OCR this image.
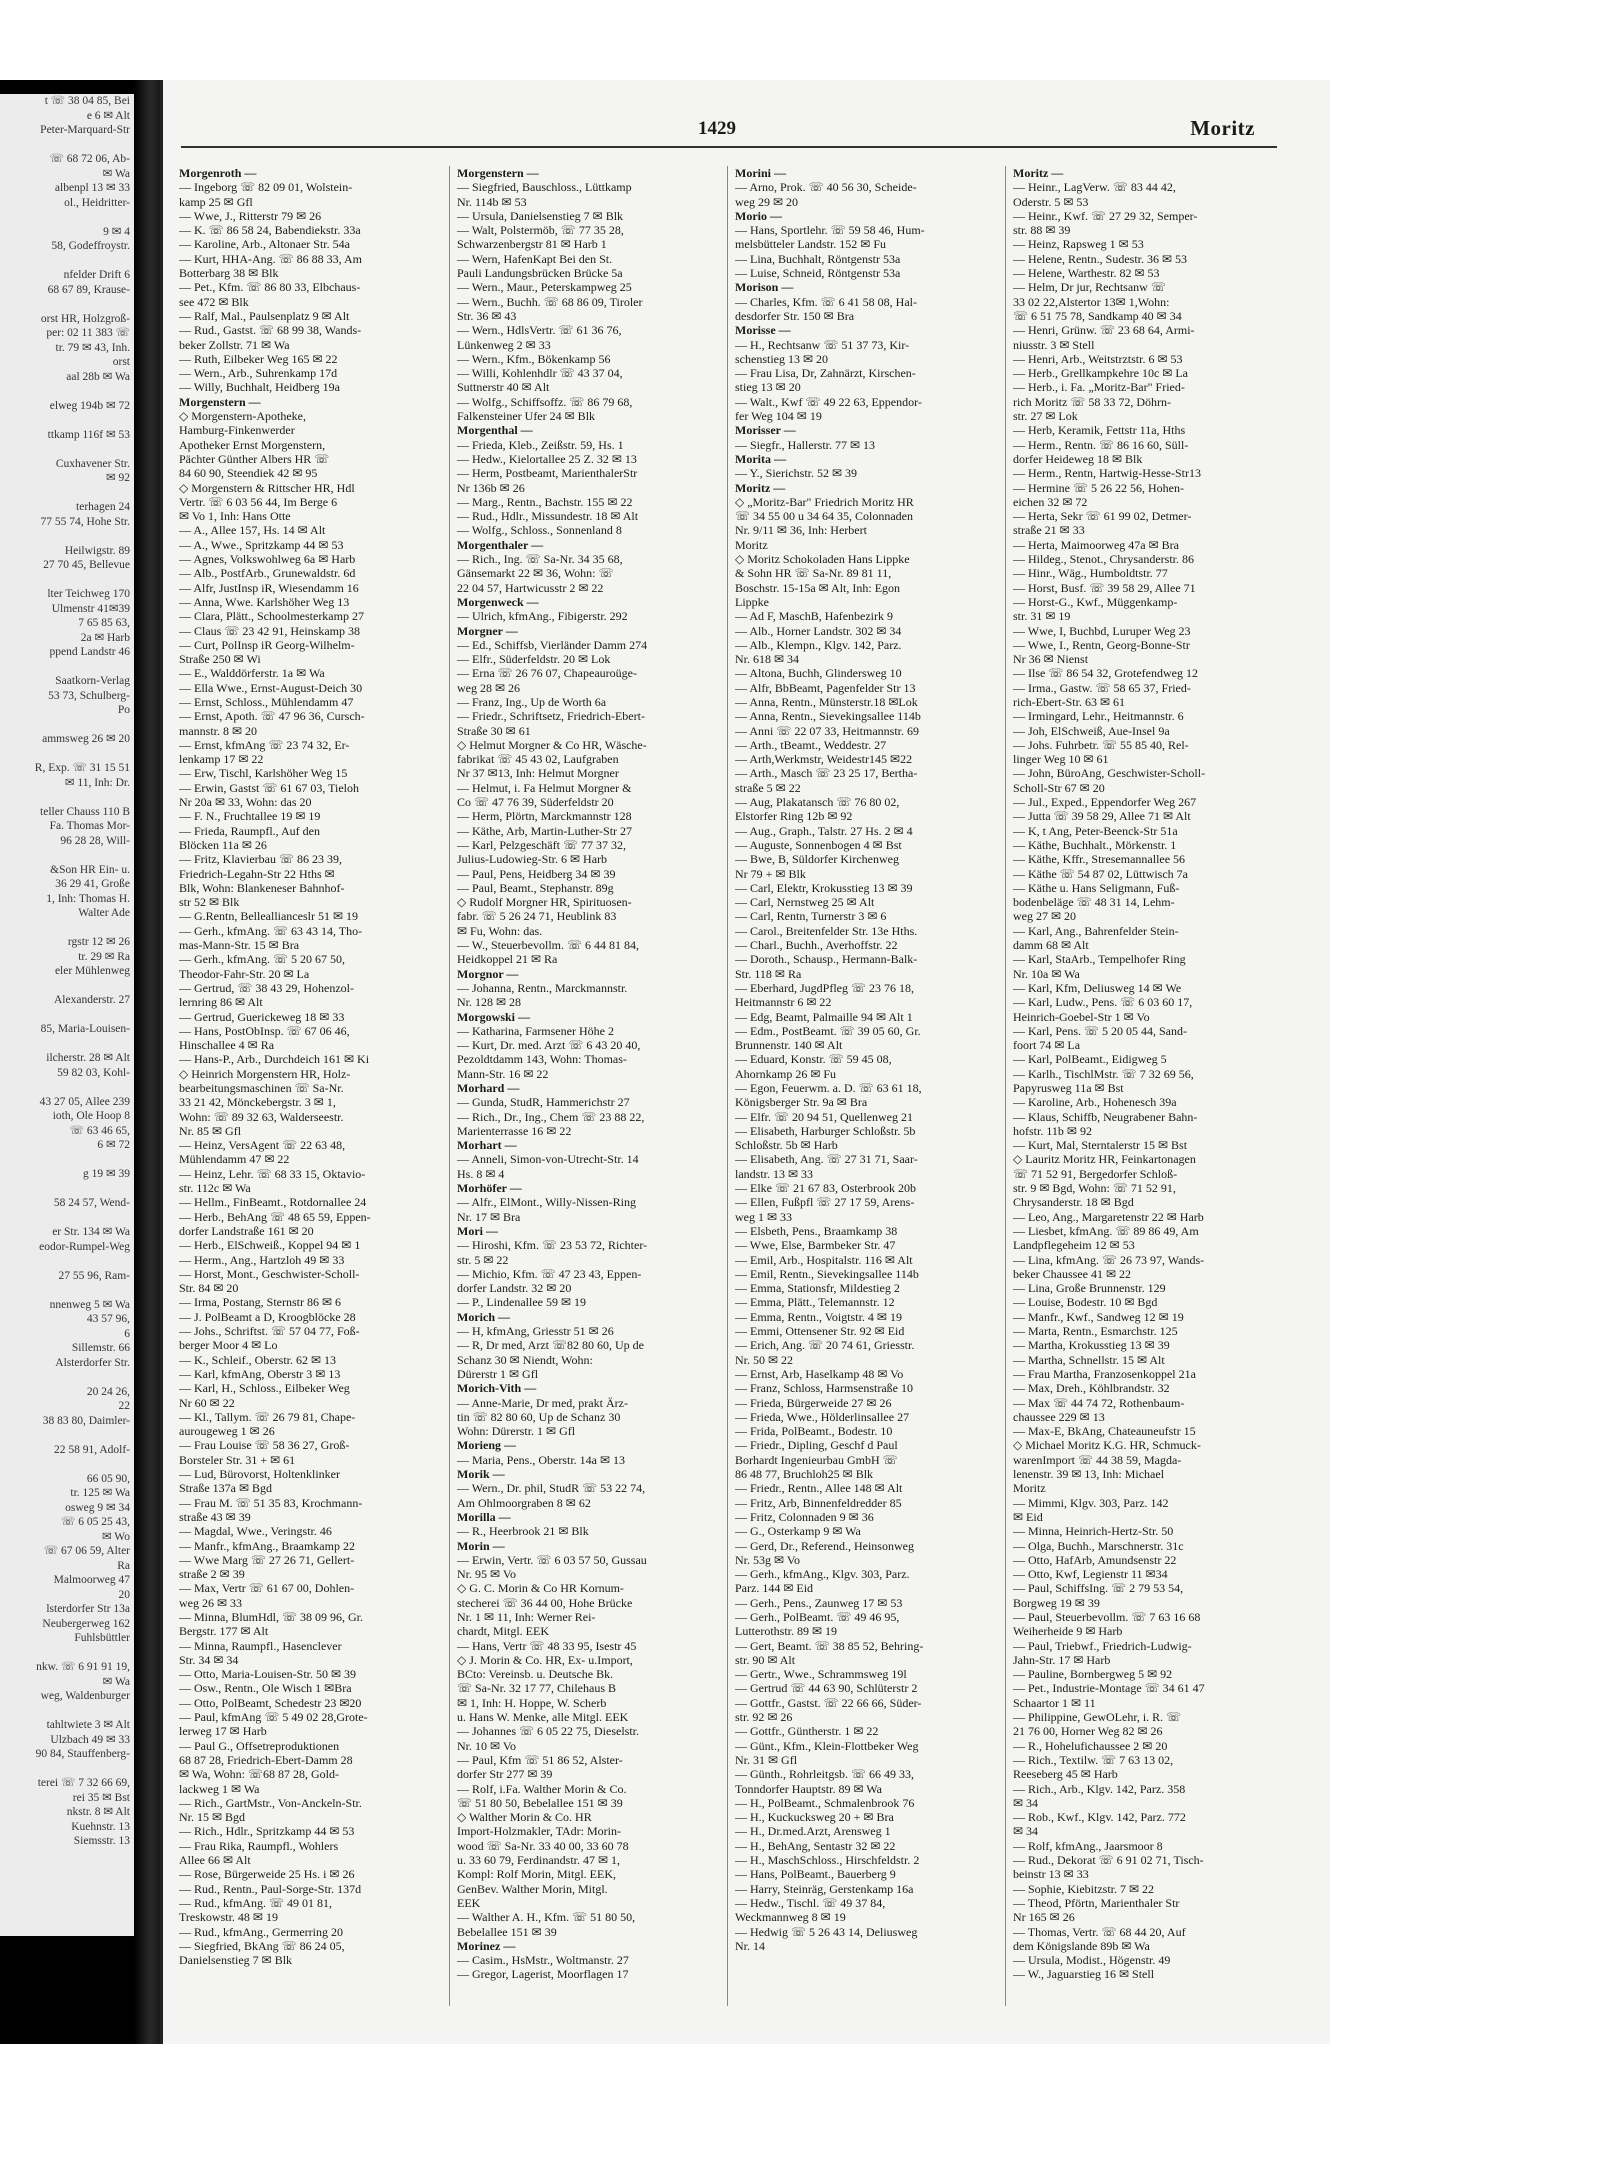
t ☏ 38 04 85, Bei
e 6 ✉ Alt
Peter-Marquard-Str
☏ 68 72 06, Ab-
✉ Wa
albenpl 13 ✉ 33
ol., Heidritter-
9 ✉ 4
58, Godeffroystr.
nfelder Drift 6
68 67 89, Krause-
orst HR, Holzgroß-
per: 02 11 383 ☏
tr. 79 ✉ 43, Inh.
orst
aal 28b ✉ Wa
elweg 194b ✉ 72
ttkamp 116f ✉ 53
Cuxhavener Str.
✉ 92
terhagen 24
77 55 74, Hohe Str.
Heilwigstr. 89
27 70 45, Bellevue
lter Teichweg 170
Ulmenstr 41✉39
7 65 85 63,
2a ✉ Harb
ppend Landstr 46
Saatkorn-Verlag
53 73, Schulberg-
Po
ammsweg 26 ✉ 20
R, Exp. ☏ 31 15 51
✉ 11, Inh: Dr.
teller Chauss 110 B
Fa. Thomas Mor-
96 28 28, Will-
&Son HR Ein- u.
36 29 41, Große
1, Inh: Thomas H.
Walter Ade
rgstr 12 ✉ 26
tr. 29 ✉ Ra
eler Mühlenweg
Alexanderstr. 27
85, Maria-Louisen-
ilcherstr. 28 ✉ Alt
59 82 03, Kohl-
43 27 05, Allee 239
ioth, Ole Hoop 8
☏ 63 46 65,
6 ✉ 72
g 19 ✉ 39
58 24 57, Wend-
er Str. 134 ✉ Wa
eodor-Rumpel-Weg
27 55 96, Ram-
nnenweg 5 ✉ Wa
43 57 96,
6
Sillemstr. 66
Alsterdorfer Str.
20 24 26,
22
38 83 80, Daimler-
22 58 91, Adolf-
66 05 90,
tr. 125 ✉ Wa
osweg 9 ✉ 34
☏ 6 05 25 43,
✉ Wo
☏ 67 06 59, Alter
Ra
Malmoorweg 47
20
lsterdorfer Str 13a
Neubergerweg 162
Fuhlsbüttler
nkw. ☏ 6 91 91 19,
✉ Wa
weg, Waldenburger
tahltwiete 3 ✉ Alt
Ulzbach 49 ✉ 33
90 84, Stauffenberg-
terei ☏ 7 32 66 69,
rei 35 ✉ Bst
nkstr. 8 ✉ Alt
Kuehnstr. 13
Siemsstr. 13
1429	Moritz
Morgenroth —
— Ingeborg ☏ 82 09 01, Wolstein-
kamp 25 ✉ Gfl
— Wwe, J., Ritterstr 79 ✉ 26
— K. ☏ 86 58 24, Babendiekstr. 33a
— Karoline, Arb., Altonaer Str. 54a
— Kurt, HHA-Ang. ☏ 86 88 33, Am
Botterbarg 38 ✉ Blk
— Pet., Kfm. ☏ 86 80 33, Elbchaus-
see 472 ✉ Blk
— Ralf, Mal., Paulsenplatz 9 ✉ Alt
— Rud., Gastst. ☏ 68 99 38, Wands-
beker Zollstr. 71 ✉ Wa
— Ruth, Eilbeker Weg 165 ✉ 22
— Wern., Arb., Suhrenkamp 17d
— Willy, Buchhalt, Heidberg 19a
Morgenstern —
◇ Morgenstern-Apotheke,
Hamburg-Finkenwerder
Apotheker Ernst Morgenstern,
Pächter Günther Albers HR ☏
84 60 90, Steendiek 42 ✉ 95
◇ Morgenstern & Rittscher HR, Hdl
Vertr. ☏ 6 03 56 44, Im Berge 6
✉ Vo 1, Inh: Hans Otte
— A., Allee 157, Hs. 14 ✉ Alt
— A., Wwe., Spritzkamp 44 ✉ 53
— Agnes, Volkswohlweg 6a ✉ Harb
— Alb., PostfArb., Grunewaldstr. 6d
— Alfr, JustInsp iR, Wiesendamm 16
— Anna, Wwe. Karlshöher Weg 13
— Clara, Plätt., Schoolmesterkamp 27
— Claus ☏ 23 42 91, Heinskamp 38
— Curt, PolInsp iR Georg-Wilhelm-
Straße 250 ✉ Wi
— E., Walddörferstr. 1a ✉ Wa
— Ella Wwe., Ernst-August-Deich 30
— Ernst, Schloss., Mühlendamm 47
— Ernst, Apoth. ☏ 47 96 36, Cursch-
mannstr. 8 ✉ 20
— Ernst, kfmAng ☏ 23 74 32, Er-
lenkamp 17 ✉ 22
— Erw, Tischl, Karlshöher Weg 15
— Erwin, Gastst ☏ 61 67 03, Tieloh
Nr 20a ✉ 33, Wohn: das 20
— F. N., Fruchtallee 19 ✉ 19
— Frieda, Raumpfl., Auf den
Blöcken 11a ✉ 26
— Fritz, Klavierbau ☏ 86 23 39,
Friedrich-Legahn-Str 22 Hths ✉
Blk, Wohn: Blankeneser Bahnhof-
str 52 ✉ Blk
— G.Rentn, Belleallianceslr 51 ✉ 19
— Gerh., kfmAng. ☏ 63 43 14, Tho-
mas-Mann-Str. 15 ✉ Bra
— Gerh., kfmAng. ☏ 5 20 67 50,
Theodor-Fahr-Str. 20 ✉ La
— Gertrud, ☏ 38 43 29, Hohenzol-
lernring 86 ✉ Alt
— Gertrud, Guerickeweg 18 ✉ 33
— Hans, PostObInsp. ☏ 67 06 46,
Hinschallee 4 ✉ Ra
— Hans-P., Arb., Durchdeich 161 ✉ Ki
◇ Heinrich Morgenstern HR, Holz-
bearbeitungsmaschinen ☏ Sa-Nr.
33 21 42, Mönckebergstr. 3 ✉ 1,
Wohn: ☏ 89 32 63, Walderseestr.
Nr. 85 ✉ Gfl
— Heinz, VersAgent ☏ 22 63 48,
Mühlendamm 47 ✉ 22
— Heinz, Lehr. ☏ 68 33 15, Oktavio-
str. 112c ✉ Wa
— Hellm., FinBeamt., Rotdornallee 24
— Herb., BehAng ☏ 48 65 59, Eppen-
dorfer Landstraße 161 ✉ 20
— Herb., ElSchweiß., Koppel 94 ✉ 1
— Herm., Ang., Hartzloh 49 ✉ 33
— Horst, Mont., Geschwister-Scholl-
Str. 84 ✉ 20
— Irma, Postang, Sternstr 86 ✉ 6
— J. PolBeamt a D, Kroogblöcke 28
— Johs., Schriftst. ☏ 57 04 77, Foß-
berger Moor 4 ✉ Lo
— K., Schleif., Oberstr. 62 ✉ 13
— Karl, kfmAng, Oberstr 3 ✉ 13
— Karl, H., Schloss., Eilbeker Weg
Nr 60 ✉ 22
— Kl., Tallym. ☏ 26 79 81, Chape-
aurougeweg 1 ✉ 26
— Frau Louise ☏ 58 36 27, Groß-
Borsteler Str. 31 + ✉ 61
— Lud, Bürovorst, Holtenklinker
Straße 137a ✉ Bgd
— Frau M. ☏ 51 35 83, Krochmann-
straße 43 ✉ 39
— Magdal, Wwe., Veringstr. 46
— Manfr., kfmAng., Braamkamp 22
— Wwe Marg ☏ 27 26 71, Gellert-
straße 2 ✉ 39
— Max, Vertr ☏ 61 67 00, Dohlen-
weg 26 ✉ 33
— Minna, BlumHdl, ☏ 38 09 96, Gr.
Bergstr. 177 ✉ Alt
— Minna, Raumpfl., Hasenclever
Str. 34 ✉ 34
— Otto, Maria-Louisen-Str. 50 ✉ 39
— Osw., Rentn., Ole Wisch 1 ✉Bra
— Otto, PolBeamt, Schedestr 23 ✉20
— Paul, kfmAng ☏ 5 49 02 28,Grote-
lerweg 17 ✉ Harb
— Paul G., Offsetreproduktionen
68 87 28, Friedrich-Ebert-Damm 28
✉ Wa, Wohn: ☏68 87 28, Gold-
lackweg 1 ✉ Wa
— Rich., GartMstr., Von-Anckeln-Str.
Nr. 15 ✉ Bgd
— Rich., Hdlr., Spritzkamp 44 ✉ 53
— Frau Rika, Raumpfl., Wohlers
Allee 66 ✉ Alt
— Rose, Bürgerweide 25 Hs. i ✉ 26
— Rud., Rentn., Paul-Sorge-Str. 137d
— Rud., kfmAng. ☏ 49 01 81,
Treskowstr. 48 ✉ 19
— Rud., kfmAng., Germerring 20
— Siegfried, BkAng ☏ 86 24 05,
Danielsenstieg 7 ✉ Blk
Morgenstern —
— Siegfried, Bauschloss., Lüttkamp
Nr. 114b ✉ 53
— Ursula, Danielsenstieg 7 ✉ Blk
— Walt, Polstermöb, ☏ 77 35 28,
Schwarzenbergstr 81 ✉ Harb 1
— Wern, HafenKapt Bei den St.
Pauli Landungsbrücken Brücke 5a
— Wern., Maur., Peterskampweg 25
— Wern., Buchh. ☏ 68 86 09, Tiroler
Str. 36 ✉ 43
— Wern., HdlsVertr. ☏ 61 36 76,
Lünkenweg 2 ✉ 33
— Wern., Kfm., Bökenkamp 56
— Willi, Kohlenhdlr ☏ 43 37 04,
Suttnerstr 40 ✉ Alt
— Wolfg., Schiffsoffz. ☏ 86 79 68,
Falkensteiner Ufer 24 ✉ Blk
Morgenthal —
— Frieda, Kleb., Zeißstr. 59, Hs. 1
— Hedw., Kielortallee 25 Z. 32 ✉ 13
— Herm, Postbeamt, MarienthalerStr
Nr 136b ✉ 26
— Marg., Rentn., Bachstr. 155 ✉ 22
— Rud., Hdlr., Missundestr. 18 ✉ Alt
— Wolfg., Schloss., Sonnenland 8
Morgenthaler —
— Rich., Ing. ☏ Sa-Nr. 34 35 68,
Gänsemarkt 22 ✉ 36, Wohn: ☏
22 04 57, Hartwicusstr 2 ✉ 22
Morgenweck —
— Ulrich, kfmAng., Fibigerstr. 292
Morgner —
— Ed., Schiffsb, Vierländer Damm 274
— Elfr., Süderfeldstr. 20 ✉ Lok
— Erna ☏ 26 76 07, Chapeauroüge-
weg 28 ✉ 26
— Franz, Ing., Up de Worth 6a
— Friedr., Schriftsetz, Friedrich-Ebert-
Straße 30 ✉ 61
◇ Helmut Morgner & Co HR, Wäsche-
fabrikat ☏ 45 43 02, Laufgraben
Nr 37 ✉13, Inh: Helmut Morgner
— Helmut, i. Fa Helmut Morgner &
Co ☏ 47 76 39, Süderfeldstr 20
— Herm, Plörtn, Marckmannstr 128
— Käthe, Arb, Martin-Luther-Str 27
— Karl, Pelzgeschäft ☏ 77 37 32,
Julius-Ludowieg-Str. 6 ✉ Harb
— Paul, Pens, Heidberg 34 ✉ 39
— Paul, Beamt., Stephanstr. 89g
◇ Rudolf Morgner HR, Spirituosen-
fabr. ☏ 5 26 24 71, Heublink 83
✉ Fu, Wohn: das.
— W., Steuerbevollm. ☏ 6 44 81 84,
Heidkoppel 21 ✉ Ra
Morgnor —
— Johanna, Rentn., Marckmannstr.
Nr. 128 ✉ 28
Morgowski —
— Katharina, Farmsener Höhe 2
— Kurt, Dr. med. Arzt ☏ 6 43 20 40,
Pezoldtdamm 143, Wohn: Thomas-
Mann-Str. 16 ✉ 22
Morhard —
— Gunda, StudR, Hammerichstr 27
— Rich., Dr., Ing., Chem ☏ 23 88 22,
Marienterrasse 16 ✉ 22
Morhart —
— Anneli, Simon-von-Utrecht-Str. 14
Hs. 8 ✉ 4
Morhöfer —
— Alfr., ElMont., Willy-Nissen-Ring
Nr. 17 ✉ Bra
Mori —
— Hiroshi, Kfm. ☏ 23 53 72, Richter-
str. 5 ✉ 22
— Michio, Kfm. ☏ 47 23 43, Eppen-
dorfer Landstr. 32 ✉ 20
— P., Lindenallee 59 ✉ 19
Morich —
— H, kfmAng, Griesstr 51 ✉ 26
— R, Dr med, Arzt ☏82 80 60, Up de
Schanz 30 ✉ Niendt, Wohn:
Dürerstr 1 ✉ Gfl
Morich-Vith —
— Anne-Marie, Dr med, prakt Ärz-
tin ☏ 82 80 60, Up de Schanz 30
Wohn: Dürerstr. 1 ✉ Gfl
Morieng —
— Maria, Pens., Oberstr. 14a ✉ 13
Morik —
— Wern., Dr. phil, StudR ☏ 53 22 74,
Am Ohlmoorgraben 8 ✉ 62
Morilla —
— R., Heerbrook 21 ✉ Blk
Morin —
— Erwin, Vertr. ☏ 6 03 57 50, Gussau
Nr. 95 ✉ Vo
◇ G. C. Morin & Co HR Kornum-
stecherei ☏ 36 44 00, Hohe Brücke
Nr. 1 ✉ 11, Inh: Werner Rei-
chardt, Mitgl. EEK
— Hans, Vertr ☏ 48 33 95, Isestr 45
◇ J. Morin & Co. HR, Ex- u.Import,
BCto: Vereinsb. u. Deutsche Bk.
☏ Sa-Nr. 32 17 77, Chilehaus B
✉ 1, Inh: H. Hoppe, W. Scherb
u. Hans W. Menke, alle Mitgl. EEK
— Johannes ☏ 6 05 22 75, Dieselstr.
Nr. 10 ✉ Vo
— Paul, Kfm ☏ 51 86 52, Alster-
dorfer Str 277 ✉ 39
— Rolf, i.Fa. Walther Morin & Co.
☏ 51 80 50, Bebelallee 151 ✉ 39
◇ Walther Morin & Co. HR
Import-Holzmakler, TAdr: Morin-
wood ☏ Sa-Nr. 33 40 00, 33 60 78
u. 33 60 79, Ferdinandstr. 47 ✉ 1,
Kompl: Rolf Morin, Mitgl. EEK,
GenBev. Walther Morin, Mitgl.
EEK
— Walther A. H., Kfm. ☏ 51 80 50,
Bebelallee 151 ✉ 39
Morinez —
— Casim., HsMstr., Woltmanstr. 27
— Gregor, Lagerist, Moorflagen 17
Morini —
— Arno, Prok. ☏ 40 56 30, Scheide-
weg 29 ✉ 20
Morio —
— Hans, Sportlehr. ☏ 59 58 46, Hum-
melsbütteler Landstr. 152 ✉ Fu
— Lina, Buchhalt, Röntgenstr 53a
— Luise, Schneid, Röntgenstr 53a
Morison —
— Charles, Kfm. ☏ 6 41 58 08, Hal-
desdorfer Str. 150 ✉ Bra
Morisse —
— H., Rechtsanw ☏ 51 37 73, Kir-
schenstieg 13 ✉ 20
— Frau Lisa, Dr, Zahnärzt, Kirschen-
stieg 13 ✉ 20
— Walt., Kwf ☏ 49 22 63, Eppendor-
fer Weg 104 ✉ 19
Morisser —
— Siegfr., Hallerstr. 77 ✉ 13
Morita —
— Y., Sierichstr. 52 ✉ 39
Moritz —
◇ „Moritz-Bar" Friedrich Moritz HR
☏ 34 55 00 u 34 64 35, Colonnaden
Nr. 9/11 ✉ 36, Inh: Herbert
Moritz
◇ Moritz Schokoladen Hans Lippke
& Sohn HR ☏ Sa-Nr. 89 81 11,
Boschstr. 15-15a ✉ Alt, Inh: Egon
Lippke
— Ad F, MaschB, Hafenbezirk 9
— Alb., Horner Landstr. 302 ✉ 34
— Alb., Klempn., Klgv. 142, Parz.
Nr. 618 ✉ 34
— Altona, Buchh, Glindersweg 10
— Alfr, BbBeamt, Pagenfelder Str 13
— Anna, Rentn., Münsterstr.18 ✉Lok
— Anna, Rentn., Sievekingsallee 114b
— Anni ☏ 22 07 33, Heitmannstr. 69
— Arth., tBeamt., Weddestr. 27
— Arth,Werkmstr, Weidestr145 ✉22
— Arth., Masch ☏ 23 25 17, Berthа-
straße 5 ✉ 22
— Aug, Plakatansch ☏ 76 80 02,
Elstorfer Ring 12b ✉ 92
— Aug., Graph., Talstr. 27 Hs. 2 ✉ 4
— Auguste, Sonnenbogen 4 ✉ Bst
— Bwe, B, Süldorfer Kirchenweg
Nr 79 + ✉ Blk
— Carl, Elektr, Krokusstieg 13 ✉ 39
— Carl, Nernstweg 25 ✉ Alt
— Carl, Rentn, Turnerstr 3 ✉ 6
— Carol., Breitenfelder Str. 13e Hths.
— Charl., Buchh., Averhoffstr. 22
— Doroth., Schausp., Hermann-Balk-
Str. 118 ✉ Ra
— Eberhard, JugdPfleg ☏ 23 76 18,
Heitmannstr 6 ✉ 22
— Edg, Beamt, Palmaille 94 ✉ Alt 1
— Edm., PostBeamt. ☏ 39 05 60, Gr.
Brunnenstr. 140 ✉ Alt
— Eduard, Konstr. ☏ 59 45 08,
Ahornkamp 26 ✉ Fu
— Egon, Feuerwm. a. D. ☏ 63 61 18,
Königsberger Str. 9a ✉ Bra
— Elfr. ☏ 20 94 51, Quellenweg 21
— Elisabeth, Harburger Schloßstr. 5b
Schloßstr. 5b ✉ Harb
— Elisabeth, Ang. ☏ 27 31 71, Saar-
landstr. 13 ✉ 33
— Elke ☏ 21 67 83, Osterbrook 20b
— Ellen, Fußpfl ☏ 27 17 59, Arens-
weg 1 ✉ 33
— Elsbeth, Pens., Braamkamp 38
— Wwe, Else, Barmbeker Str. 47
— Emil, Arb., Hospitalstr. 116 ✉ Alt
— Emil, Rentn., Sievekingsallee 114b
— Emma, Stationsfr, Mildestieg 2
— Emma, Plätt., Telemannstr. 12
— Emma, Rentn., Voigtstr. 4 ✉ 19
— Emmi, Ottensener Str. 92 ✉ Eid
— Erich, Ang. ☏ 20 74 61, Griesstr.
Nr. 50 ✉ 22
— Ernst, Arb, Haselkamp 48 ✉ Vo
— Franz, Schloss, Harmsenstraße 10
— Frieda, Bürgerweide 27 ✉ 26
— Frieda, Wwe., Hölderlinsallee 27
— Frida, PolBeamt., Bodestr. 10
— Friedr., Dipling, Geschf d Paul
Borhardt Ingenieurbau GmbH ☏
86 48 77, Bruchloh25 ✉ Blk
— Friedr., Rentn., Allee 148 ✉ Alt
— Fritz, Arb, Binnenfeldredder 85
— Fritz, Colonnaden 9 ✉ 36
— G., Osterkamp 9 ✉ Wa
— Gerd, Dr., Referend., Heinsonweg
Nr. 53g ✉ Vo
— Gerh., kfmAng., Klgv. 303, Parz.
Parz. 144 ✉ Eid
— Gerh., Pens., Zaunweg 17 ✉ 53
— Gerh., PolBeamt. ☏ 49 46 95,
Lutterothstr. 89 ✉ 19
— Gert, Beamt. ☏ 38 85 52, Behring-
str. 90 ✉ Alt
— Gertr., Wwe., Schrammsweg 19l
— Gertrud ☏ 44 63 90, Schlüterstr 2
— Gottfr., Gastst. ☏ 22 66 66, Süder-
str. 92 ✉ 26
— Gottfr., Güntherstr. 1 ✉ 22
— Günt., Kfm., Klein-Flottbeker Weg
Nr. 31 ✉ Gfl
— Günth., Rohrleitgsb. ☏ 66 49 33,
Tonndorfer Hauptstr. 89 ✉ Wa
— H., PolBeamt., Schmalenbrook 76
— H., Kuckucksweg 20 + ✉ Bra
— H., Dr.med.Arzt, Arensweg 1
— H., BehAng, Sentastr 32 ✉ 22
— H., MaschSchloss., Hirschfeldstr. 2
— Hans, PolBeamt., Bauerberg 9
— Harry, Steinräg, Gerstenkamp 16a
— Hedw., Tischl. ☏ 49 37 84,
Weckmannweg 8 ✉ 19
— Hedwig ☏ 5 26 43 14, Deliusweg
Nr. 14
Moritz —
— Heinr., LagVerw. ☏ 83 44 42,
Oderstr. 5 ✉ 53
— Heinr., Kwf. ☏ 27 29 32, Semper-
str. 88 ✉ 39
— Heinz, Rapsweg 1 ✉ 53
— Helene, Rentn., Sudestr. 36 ✉ 53
— Helene, Warthestr. 82 ✉ 53
— Helm, Dr jur, Rechtsanw ☏
33 02 22,Alstertor 13✉ 1,Wohn:
☏ 6 51 75 78, Sandkamp 40 ✉ 34
— Henri, Grünw. ☏ 23 68 64, Armi-
niusstr. 3 ✉ Stell
— Henri, Arb., Weitstrztstr. 6 ✉ 53
— Herb., Grellkampkehre 10c ✉ La
— Herb., i. Fa. „Moritz-Bar" Fried-
rich Moritz ☏ 58 33 72, Döhrn-
str. 27 ✉ Lok
— Herb, Keramik, Fettstr 11a, Hths
— Herm., Rentn. ☏ 86 16 60, Süll-
dorfer Heideweg 18 ✉ Blk
— Herm., Rentn, Hartwig-Hesse-Str13
— Hermine ☏ 5 26 22 56, Hohen-
eichen 32 ✉ 72
— Herta, Sekr ☏ 61 99 02, Detmer-
straße 21 ✉ 33
— Herta, Maimoorweg 47a ✉ Bra
— Hildeg., Stenot., Chrysanderstr. 86
— Hinr., Wäg., Humboldtstr. 77
— Horst, Busf. ☏ 39 58 29, Allee 71
— Horst-G., Kwf., Müggenkamp-
str. 31 ✉ 19
— Wwe, I, Buchbd, Luruper Weg 23
— Wwe, I., Rentn, Georg-Bonne-Str
Nr 36 ✉ Nienst
— Ilse ☏ 86 54 32, Grotefendweg 12
— Irma., Gastw. ☏ 58 65 37, Fried-
rich-Ebert-Str. 63 ✉ 61
— Irmingard, Lehr., Heitmannstr. 6
— Joh, ElSchweiß, Aue-Insel 9a
— Johs. Fuhrbetr. ☏ 55 85 40, Rel-
linger Weg 10 ✉ 61
— John, BüroAng, Geschwister-Scholl-
Scholl-Str 67 ✉ 20
— Jul., Exped., Eppendorfer Weg 267
— Jutta ☏ 39 58 29, Allee 71 ✉ Alt
— K, t Ang, Peter-Beenck-Str 51a
— Käthe, Buchhalt., Mörkenstr. 1
— Käthe, Kffr., Stresemannallee 56
— Käthe ☏ 54 87 02, Lüttwisch 7a
— Käthe u. Hans Seligmann, Fuß-
bodenbeläge ☏ 48 31 14, Lehm-
weg 27 ✉ 20
— Karl, Ang., Bahrenfelder Stein-
damm 68 ✉ Alt
— Karl, StaArb., Tempelhofer Ring
Nr. 10a ✉ Wa
— Karl, Kfm, Deliusweg 14 ✉ We
— Karl, Ludw., Pens. ☏ 6 03 60 17,
Heinrich-Goebel-Str 1 ✉ Vo
— Karl, Pens. ☏ 5 20 05 44, Sand-
foort 74 ✉ La
— Karl, PolBeamt., Eidigweg 5
— Karlh., TischlMstr. ☏ 7 32 69 56,
Papyrusweg 11a ✉ Bst
— Karoline, Arb., Hohenesch 39a
— Klaus, Schiffb, Neugrabener Bahn-
hofstr. 11b ✉ 92
— Kurt, Mal, Sterntalerstr 15 ✉ Bst
◇ Lauritz Moritz HR, Feinkartonagen
☏ 71 52 91, Bergedorfer Schloß-
str. 9 ✉ Bgd, Wohn: ☏ 71 52 91,
Chrysanderstr. 18 ✉ Bgd
— Leo, Ang., Margaretenstr 22 ✉ Harb
— Liesbet, kfmAng. ☏ 89 86 49, Am
Landpflegeheim 12 ✉ 53
— Lina, kfmAng. ☏ 26 73 97, Wands-
beker Chaussee 41 ✉ 22
— Lina, Große Brunnenstr. 129
— Louise, Bodestr. 10 ✉ Bgd
— Manfr., Kwf., Sandweg 12 ✉ 19
— Marta, Rentn., Esmarchstr. 125
— Martha, Krokusstieg 13 ✉ 39
— Martha, Schnellstr. 15 ✉ Alt
— Frau Martha, Franzosenkoppel 21a
— Max, Dreh., Köhlbrandstr. 32
— Max ☏ 44 74 72, Rothenbaum-
chaussee 229 ✉ 13
— Max-E, BkAng, Chateauneufstr 15
◇ Michael Moritz K.G. HR, Schmuck-
warenImport ☏ 44 38 59, Magda-
lenenstr. 39 ✉ 13, Inh: Michael
Moritz
— Mimmi, Klgv. 303, Parz. 142
✉ Eid
— Minna, Heinrich-Hertz-Str. 50
— Olga, Buchh., Marschnerstr. 31c
— Otto, HafArb, Amundsenstr 22
— Otto, Kwf, Legienstr 11 ✉34
— Paul, SchiffsIng. ☏ 2 79 53 54,
Borgweg 19 ✉ 39
— Paul, Steuerbevollm. ☏ 7 63 16 68
Weiherheide 9 ✉ Harb
— Paul, Triebwf., Friedrich-Ludwig-
Jahn-Str. 17 ✉ Harb
— Pauline, Bornbergweg 5 ✉ 92
— Pet., Industrie-Montage ☏ 34 61 47
Schaartor 1 ✉ 11
— Philippine, GewOLehr, i. R. ☏
21 76 00, Horner Weg 82 ✉ 26
— R., Hohelufichaussee 2 ✉ 20
— Rich., Textilw. ☏ 7 63 13 02,
Reeseberg 45 ✉ Harb
— Rich., Arb., Klgv. 142, Parz. 358
✉ 34
— Rob., Kwf., Klgv. 142, Parz. 772
✉ 34
— Rolf, kfmAng., Jaarsmoor 8
— Rud., Dekorat ☏ 6 91 02 71, Tisch-
beinstr 13 ✉ 33
— Sophie, Kiebitzstr. 7 ✉ 22
— Theod, Pförtn, Marienthaler Str
Nr 165 ✉ 26
— Thomas, Vertr. ☏ 68 44 20, Auf
dem Königslande 89b ✉ Wa
— Ursula, Modist., Högenstr. 49
— W., Jaguarstieg 16 ✉ Stell
